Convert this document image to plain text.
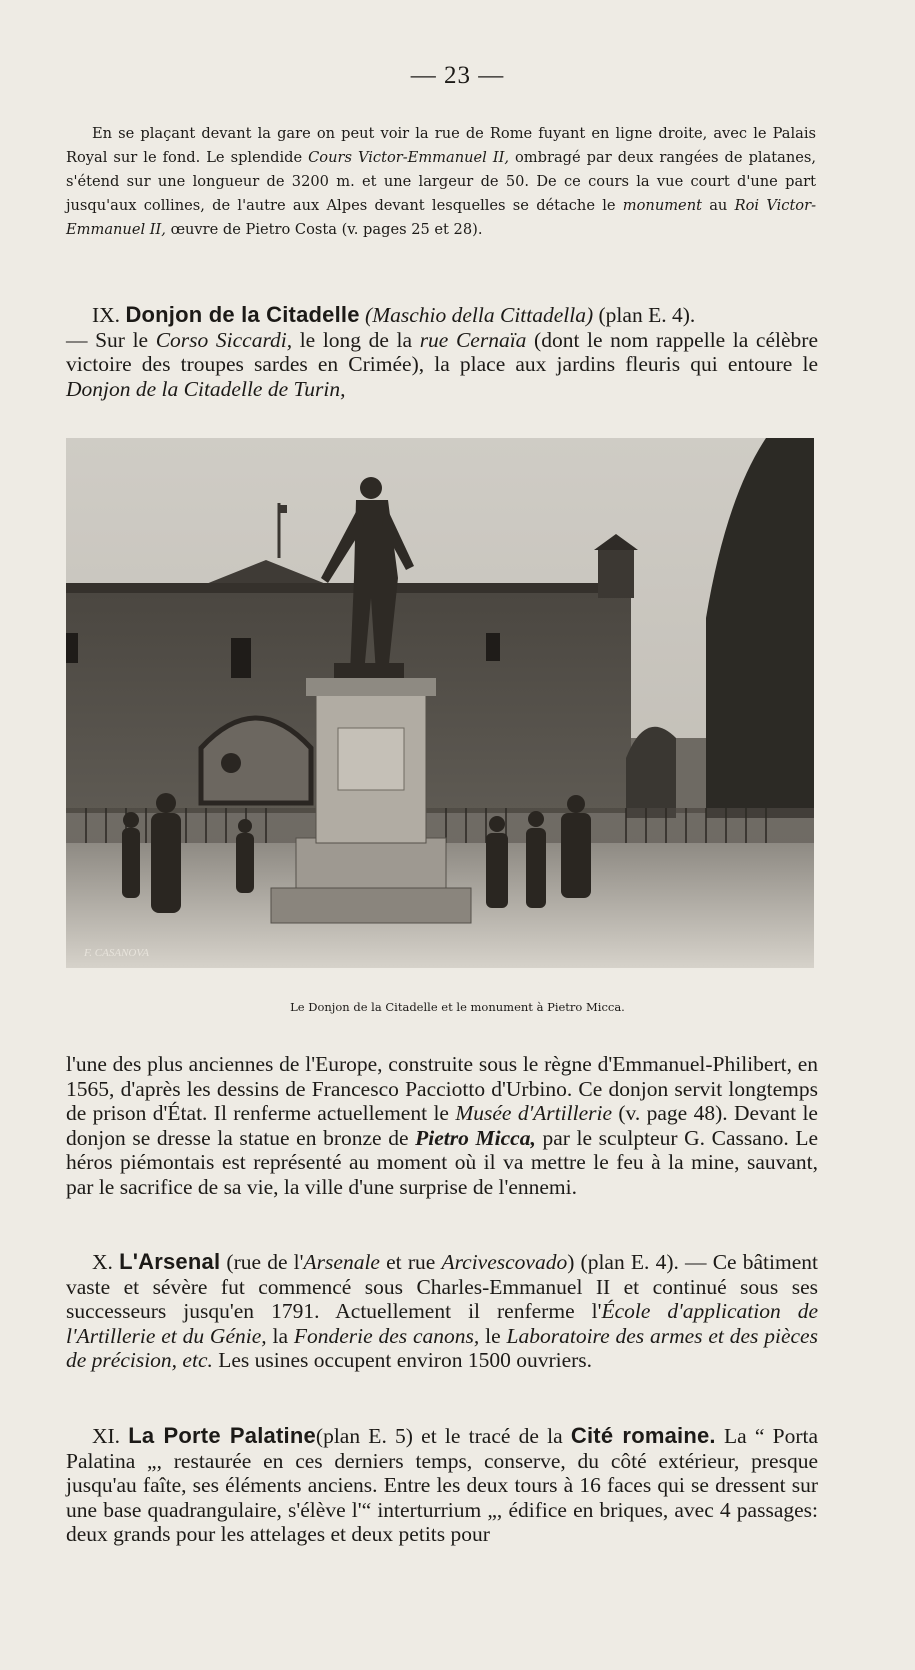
— 23 —

En se plaçant devant la gare on peut voir la rue de Rome fuyant en ligne droite, avec le Palais Royal sur le fond. Le splendide Cours Victor-Emmanuel II, ombragé par deux rangées de platanes, s'étend sur une longueur de 3200 m. et une largeur de 50. De ce cours la vue court d'une part jusqu'aux collines, de l'autre aux Alpes devant lesquelles se détache le monument au Roi Victor-Emmanuel II, œuvre de Pietro Costa (v. pages 25 et 28).

IX. Donjon de la Citadelle (Maschio della Cittadella) (plan E. 4).
— Sur le Corso Siccardi, le long de la rue Cernaïa (dont le nom rappelle la célèbre victoire des troupes sardes en Crimée), la place aux jardins fleuris qui entoure le Donjon de la Citadelle de Turin,

F. CASANOVA
Le Donjon de la Citadelle et le monument à Pietro Micca.

l'une des plus anciennes de l'Europe, construite sous le règne d'Emmanuel-Philibert, en 1565, d'après les dessins de Francesco Pacciotto d'Urbino. Ce donjon servit longtemps de prison d'État. Il renferme actuellement le Musée d'Artillerie (v. page 48). Devant le donjon se dresse la statue en bronze de Pietro Micca, par le sculpteur G. Cassano. Le héros piémontais est représenté au moment où il va mettre le feu à la mine, sauvant, par le sacrifice de sa vie, la ville d'une surprise de l'ennemi.

X. L'Arsenal (rue de l'Arsenale et rue Arcivescovado) (plan E. 4). — Ce bâtiment vaste et sévère fut commencé sous Charles-Emmanuel II et continué sous ses successeurs jusqu'en 1791. Actuellement il renferme l'École d'application de l'Artillerie et du Génie, la Fonderie des canons, le Laboratoire des armes et des pièces de précision, etc. Les usines occupent environ 1500 ouvriers.

XI. La Porte Palatine(plan E. 5) et le tracé de la Cité romaine. La “ Porta Palatina „, restaurée en ces derniers temps, conserve, du côté extérieur, presque jusqu'au faîte, ses éléments anciens. Entre les deux tours à 16 faces qui se dressent sur une base quadrangulaire, s'élève l'“ interturrium „, édifice en briques, avec 4 passages: deux grands pour les attelages et deux petits pour
